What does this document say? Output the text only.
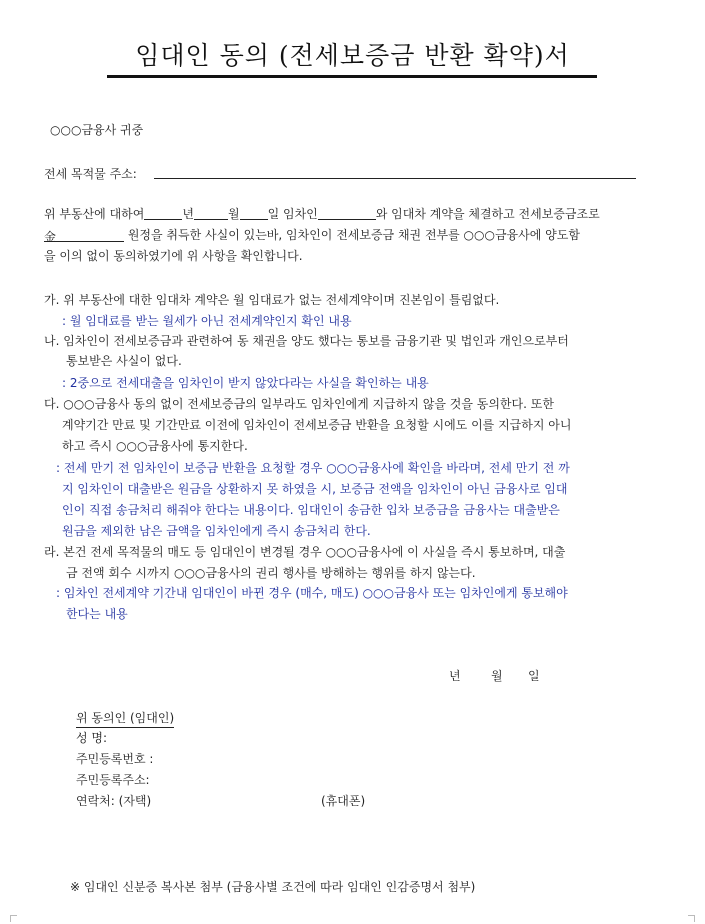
임대인 동의 (전세보증금 반환 확약)서
○○○금융사 귀중
전세 목적물 주소:
위 부동산에 대하여	년	월 일 임차인	와 임대차 계약을 체결하고 전세보증금조로
金	원정을 취득한 사실이 있는바, 임차인이 전세보증금 채권 전부를 ○○○금융사에 양도함
을 이의 없이 동의하였기에 위 사항을 확인합니다.
가. 위 부동산에 대한 임대차 계약은 월 임대료가 없는 전세계약이며 진본임이 틀림없다.
: 월 임대료를 받는 월세가 아닌 전세계약인지 확인 내용
나. 임차인이 전세보증금과 관련하여 동 채권을 양도 했다는 통보를 금융기관 및 법인과 개인으로부터
통보받은 사실이 없다.
: 2중으로 전세대출을 임차인이 받지 않았다라는 사실을 확인하는 내용
다. ○○○금융사 동의 없이 전세보증금의 일부라도 임차인에게 지급하지 않을 것을 동의한다. 또한
계약기간 만료 및 기간만료 이전에 임차인이 전세보증금 반환을 요청할 시에도 이를 지급하지 아니
하고 즉시 ○○○금융사에 통지한다.
: 전세 만기 전 임차인이 보증금 반환을 요청할 경우 ○○○금융사에 확인을 바라며, 전세 만기 전 까
지 임차인이 대출받은 원금을 상환하지 못 하였을 시, 보증금 전액을 임차인이 아닌 금융사로 임대
인이 직접 송금처리 해줘야 한다는 내용이다. 임대인이 송금한 입차 보증금을 금융사는 대출받은
원금을 제외한 남은 금액을 임차인에게 즉시 송금처리 한다.
라. 본건 전세 목적물의 매도 등 임대인이 변경될 경우 ○○○금융사에 이 사실을 즉시 통보하며, 대출
금 전액 회수 시까지 ○○○금융사의 권리 행사를 방해하는 행위를 하지 않는다.
: 임차인 전세계약 기간내 임대인이 바뀐 경우 (매수, 매도) ○○○금융사 또는 임차인에게 통보해야
한다는 내용
년	월 일
위 동의인 (임대인)
성 명:
주민등록번호 :
주민등록주소:
연락처: (자택)	(휴대폰)
※ 임대인 신분증 복사본 첨부 (금융사별 조건에 따라 임대인 인감증명서 첨부)
